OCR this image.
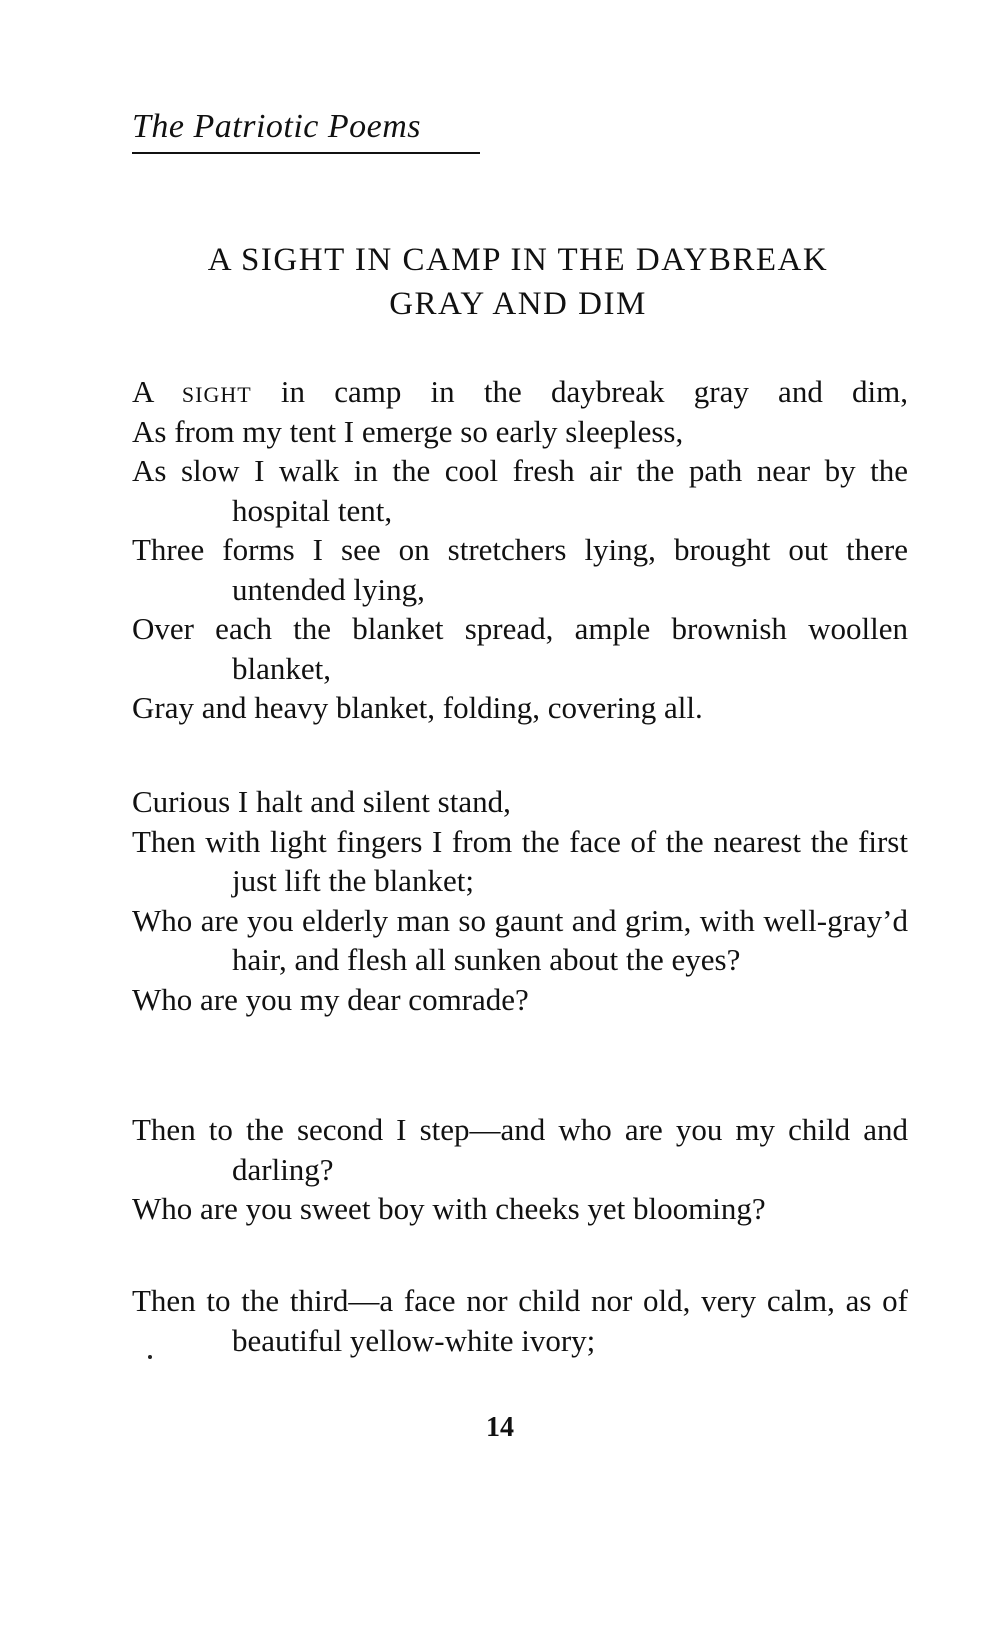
The Patriotic Poems
A SIGHT IN CAMP IN THE DAYBREAK
GRAY AND DIM
A sight in camp in the daybreak gray and dim,
As from my tent I emerge so early sleepless,
As slow I walk in the cool fresh air the path near by the hospital tent,
Three forms I see on stretchers lying, brought out there untended lying,
Over each the blanket spread, ample brownish woollen blanket,
Gray and heavy blanket, folding, covering all.
Curious I halt and silent stand,
Then with light fingers I from the face of the nearest the first just lift the blanket;
Who are you elderly man so gaunt and grim, with well-gray’d hair, and flesh all sunken about the eyes?
Who are you my dear comrade?
Then to the second I step—and who are you my child and darling?
Who are you sweet boy with cheeks yet blooming?
Then to the third—a face nor child nor old, very calm, as of beautiful yellow-white ivory;
14
